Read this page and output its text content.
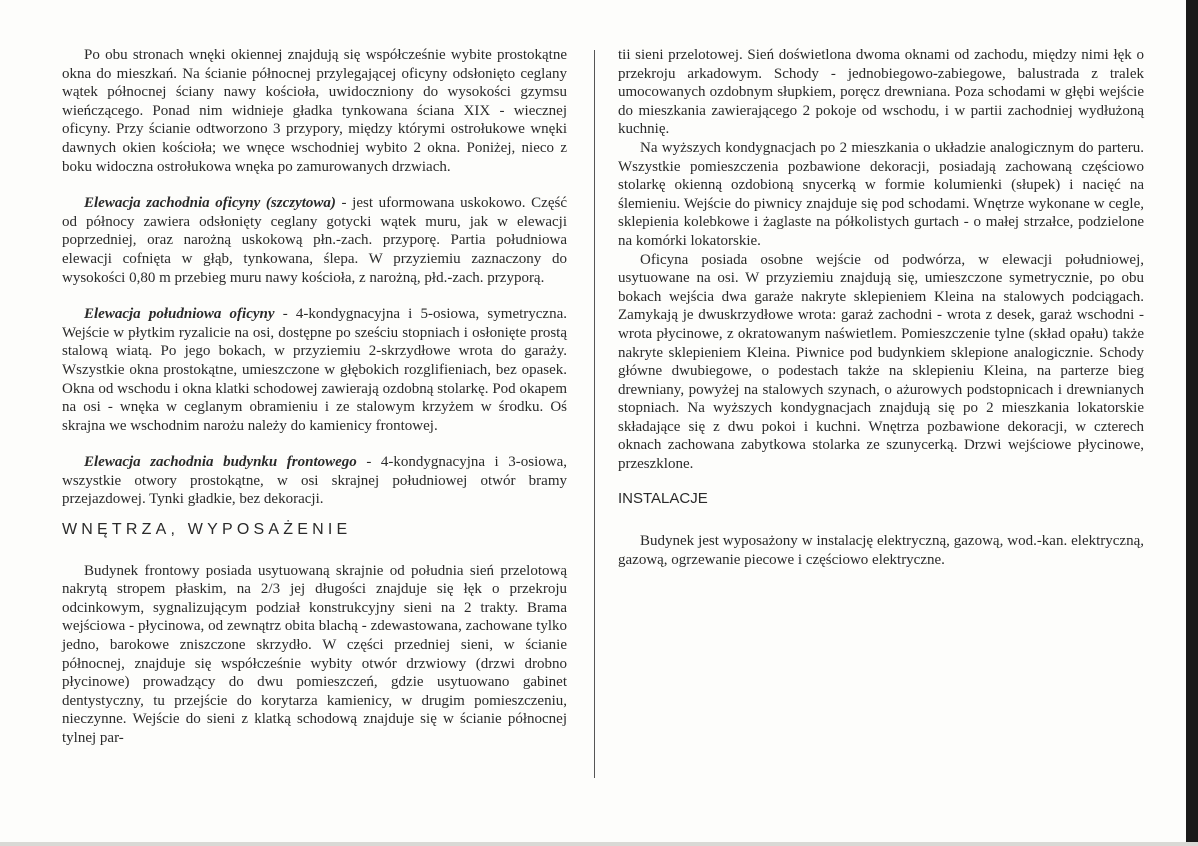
Po obu stronach wnęki okiennej znajdują się współcześnie wybite prostokątne okna do mieszkań. Na ścianie północnej przylegającej oficyny odsłonięto ceglany wątek północnej ściany nawy kościoła, uwidoczniony do wysokości gzymsu wieńczącego. Ponad nim widnieje gładka tynkowana ściana XIX - wiecznej oficyny. Przy ścianie odtworzono 3 przypory, między którymi ostrołukowe wnęki dawnych okien kościoła; we wnęce wschodniej wybito 2 okna. Poniżej, nieco z boku widoczna ostrołukowa wnęka po zamurowanych drzwiach.

Elewacja zachodnia oficyny (szczytowa) - jest uformowana uskokowo. Część od północy zawiera odsłonięty ceglany gotycki wątek muru, jak w elewacji poprzedniej, oraz narożną uskokową płn.-zach. przyporę. Partia południowa elewacji cofnięta w głąb, tynkowana, ślepa. W przyziemiu zaznaczony do wysokości 0,80 m przebieg muru nawy kościoła, z narożną, płd.-zach. przyporą.

Elewacja południowa oficyny - 4-kondygnacyjna i 5-osiowa, symetryczna. Wejście w płytkim ryzalicie na osi, dostępne po sześciu stopniach i osłonięte prostą stalową wiatą. Po jego bokach, w przyziemiu 2-skrzydłowe wrota do garaży. Wszystkie okna prostokątne, umieszczone w głębokich rozglifieniach, bez opasek. Okna od wschodu i okna klatki schodowej zawierają ozdobną stolarkę. Pod okapem na osi - wnęka w ceglanym obramieniu i ze stalowym krzyżem w środku. Oś skrajna we wschodnim narożu należy do kamienicy frontowej.

Elewacja zachodnia budynku frontowego - 4-kondygnacyjna i 3-osiowa, wszystkie otwory prostokątne, w osi skrajnej południowej otwór bramy przejazdowej. Tynki gładkie, bez dekoracji.

WNĘTRZA, WYPOSAŻENIE

Budynek frontowy posiada usytuowaną skrajnie od południa sień przelotową nakrytą stropem płaskim, na 2/3 jej długości znajduje się łęk o przekroju odcinkowym, sygnalizującym podział konstrukcyjny sieni na 2 trakty. Brama wejściowa - płycinowa, od zewnątrz obita blachą - zdewastowana, zachowane tylko jedno, barokowe zniszczone skrzydło. W części przedniej sieni, w ścianie północnej, znajduje się współcześnie wybity otwór drzwiowy (drzwi drobno płycinowe) prowadzący do dwu pomieszczeń, gdzie usytuowano gabinet dentystyczny, tu przejście do korytarza kamienicy, w drugim pomieszczeniu, nieczynne. Wejście do sieni z klatką schodową znajduje się w ścianie północnej tylnej par-

tii sieni przelotowej. Sień doświetlona dwoma oknami od zachodu, między nimi łęk o przekroju arkadowym. Schody - jednobiegowo-zabiegowe, balustrada z tralek umocowanych ozdobnym słupkiem, poręcz drewniana. Poza schodami w głębi wejście do mieszkania zawierającego 2 pokoje od wschodu, i w partii zachodniej wydłużoną kuchnię.

Na wyższych kondygnacjach po 2 mieszkania o układzie analogicznym do parteru. Wszystkie pomieszczenia pozbawione dekoracji, posiadają zachowaną częściowo stolarkę okienną ozdobioną snycerką w formie kolumienki (słupek) i nacięć na ślemieniu. Wejście do piwnicy znajduje się pod schodami. Wnętrze wykonane w cegle, sklepienia kolebkowe i żaglaste na półkolistych gurtach - o małej strzałce, podzielone na komórki lokatorskie.

Oficyna posiada osobne wejście od podwórza, w elewacji południowej, usytuowane na osi. W przyziemiu znajdują się, umieszczone symetrycznie, po obu bokach wejścia dwa garaże nakryte sklepieniem Kleina na stalowych podciągach. Zamykają je dwuskrzydłowe wrota: garaż zachodni - wrota z desek, garaż wschodni - wrota płycinowe, z okratowanym naświetlem. Pomieszczenie tylne (skład opału) także nakryte sklepieniem Kleina. Piwnice pod budynkiem sklepione analogicznie. Schody główne dwubiegowe, o podestach także na sklepieniu Kleina, na parterze bieg drewniany, powyżej na stalowych szynach, o ażurowych podstopnicach i drewnianych stopniach. Na wyższych kondygnacjach znajdują się po 2 mieszkania lokatorskie składające się z dwu pokoi i kuchni. Wnętrza pozbawione dekoracji, w czterech oknach zachowana zabytkowa stolarka ze szunycerką. Drzwi wejściowe płycinowe, przeszklone.

INSTALACJE

Budynek jest wyposażony w instalację elektryczną, gazową, wod.-kan. elektryczną, gazową, ogrzewanie piecowe i częściowo elektryczne.
